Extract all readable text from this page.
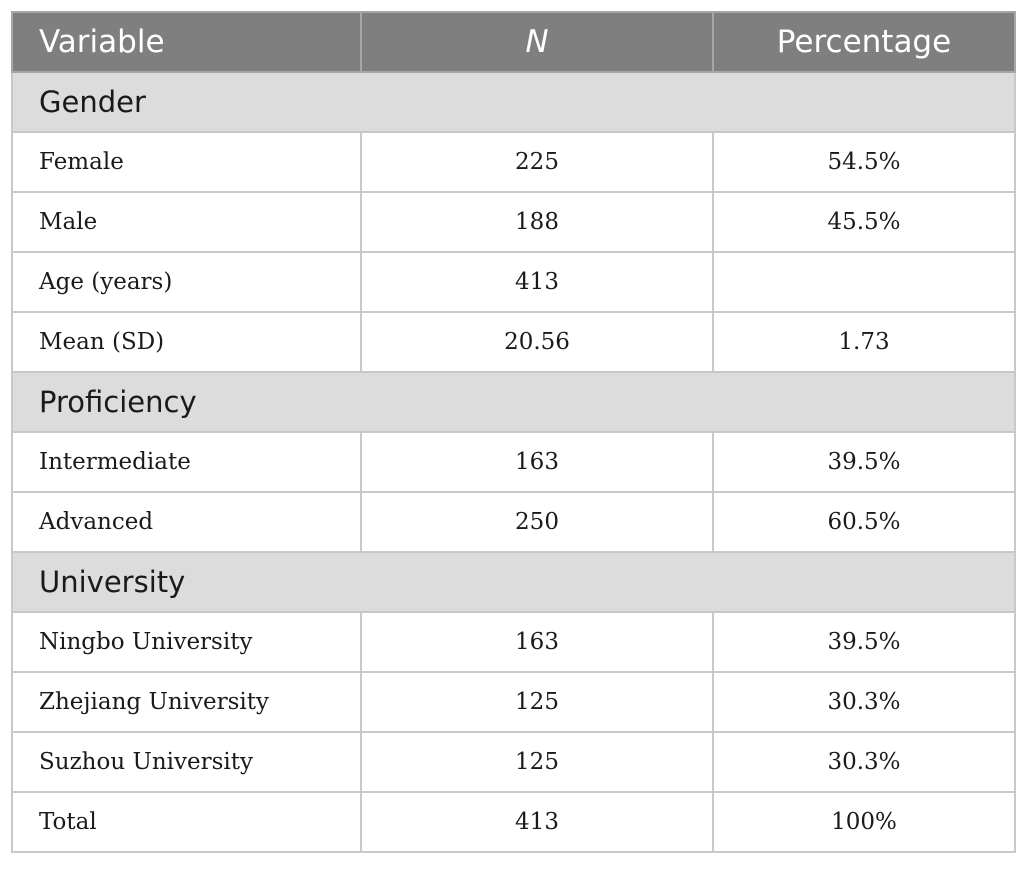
Variable	N	Percentage
Gender		
Female	225	54.5%
Male	188	45.5%
Age (years)	413	
Mean (SD)	20.56	1.73
Proficiency		
Intermediate	163	39.5%
Advanced	250	60.5%
University		
Ningbo University	163	39.5%
Zhejiang University	125	30.3%
Suzhou University	125	30.3%
Total	413	100%
